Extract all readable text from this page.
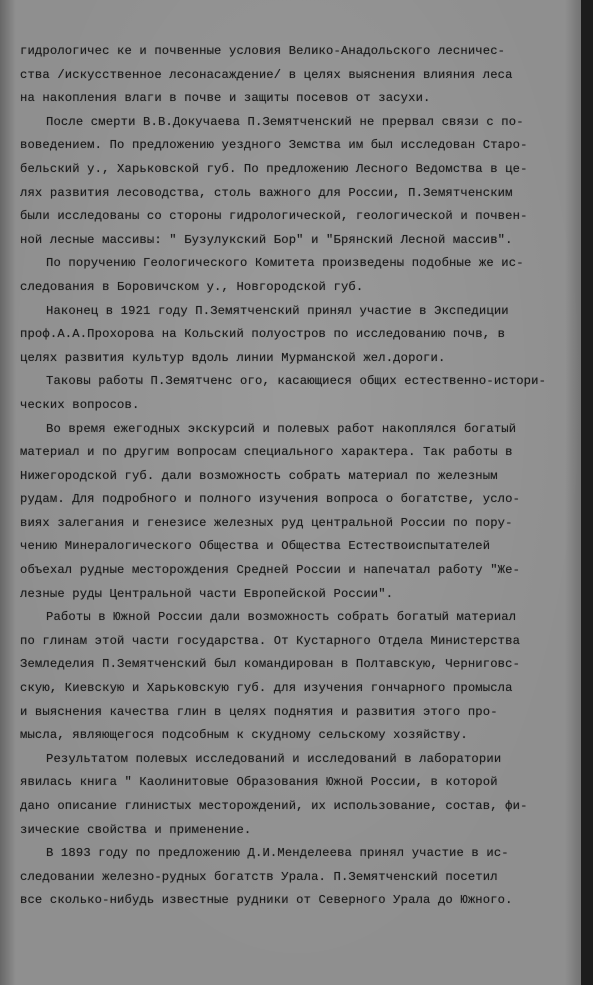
гидрологичес ке и почвенные условия Велико-Анадольского лесничес-
ства /искусственное лесонасаждение/ в целях выяснения влияния леса
на накопления влаги в почве и защиты посевов от засухи.
После смерти В.В.Докучаева П.Земятченский не прервал связи с по-
воведением. По предложению уездного Земства им был исследован Старо-
бельский у., Харьковской губ. По предложению Лесного Ведомства в це-
лях развития лесоводства, столь важного для России, П.Земятченским
были исследованы со стороны гидрологической, геологической и почвен-
ной лесные массивы: " Бузулукский Бор" и "Брянский Лесной массив".
По поручению Геологического Комитета произведены подобные же ис-
следования в Боровичском у., Новгородской губ.
Наконец в 1921 году П.Земятченский принял участие в Экспедиции
проф.А.А.Прохорова на Кольский полуостров по исследованию почв, в
целях развития культур вдоль линии Мурманской жел.дороги.
Таковы работы П.Земятченс ого, касающиеся общих естественно-истори-
ческих вопросов.
Во время ежегодных экскурсий и полевых работ накоплялся богатый
материал и по другим вопросам специального характера. Так работы в
Нижегородской губ. дали возможность собрать материал по железным
рудам. Для подробного и полного изучения вопроса о богатстве, усло-
виях залегания и генезисе железных руд центральной России по пору-
чению Минералогического Общества и Общества Естествоиспытателей
объехал рудные месторождения Средней России и напечатал работу "Же-
лезные руды Центральной части Европейской России".
Работы в Южной России дали возможность собрать богатый материал
по глинам этой части государства. От Кустарного Отдела Министерства
Земледелия П.Земятченский был командирован в Полтавскую, Черниговс-
скую, Киевскую и Харьковскую губ. для изучения гончарного промысла
и выяснения качества глин в целях поднятия и развития этого про-
мысла, являющегося подсобным к скудному сельскому хозяйству.
Результатом полевых исследований и исследований в лаборатории
явилась книга " Каолинитовые Образования Южной России, в которой
дано описание глинистых месторождений, их использование, состав, фи-
зические свойства и применение.
В 1893 году по предложению Д.И.Менделеева принял участие в ис-
следовании железно-рудных богатств Урала. П.Земятченский посетил
все сколько-нибудь известные рудники от Северного Урала до Южного.
